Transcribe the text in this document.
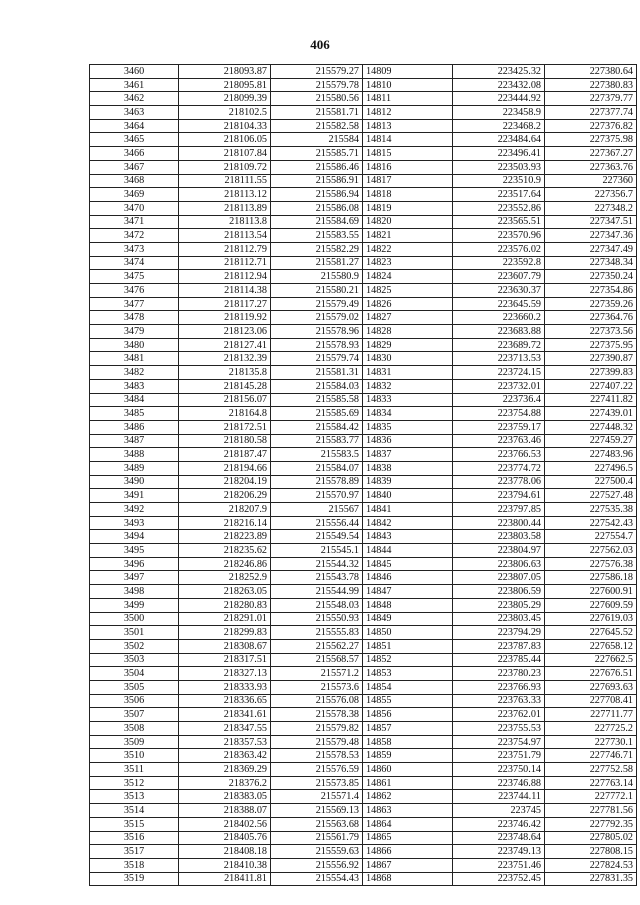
406
3460	218093.87	215579.27	14809	223425.32	227380.64
3461	218095.81	215579.78	14810	223432.08	227380.83
3462	218099.39	215580.56	14811	223444.92	227379.77
3463	218102.5	215581.71	14812	223458.9	227377.74
3464	218104.33	215582.58	14813	223468.2	227376.82
3465	218106.05	215584	14814	223484.64	227375.98
3466	218107.84	215585.71	14815	223496.41	227367.27
3467	218109.72	215586.46	14816	223503.93	227363.76
3468	218111.55	215586.91	14817	223510.9	227360
3469	218113.12	215586.94	14818	223517.64	227356.7
3470	218113.89	215586.08	14819	223552.86	227348.2
3471	218113.8	215584.69	14820	223565.51	227347.51
3472	218113.54	215583.55	14821	223570.96	227347.36
3473	218112.79	215582.29	14822	223576.02	227347.49
3474	218112.71	215581.27	14823	223592.8	227348.34
3475	218112.94	215580.9	14824	223607.79	227350.24
3476	218114.38	215580.21	14825	223630.37	227354.86
3477	218117.27	215579.49	14826	223645.59	227359.26
3478	218119.92	215579.02	14827	223660.2	227364.76
3479	218123.06	215578.96	14828	223683.88	227373.56
3480	218127.41	215578.93	14829	223689.72	227375.95
3481	218132.39	215579.74	14830	223713.53	227390.87
3482	218135.8	215581.31	14831	223724.15	227399.83
3483	218145.28	215584.03	14832	223732.01	227407.22
3484	218156.07	215585.58	14833	223736.4	227411.82
3485	218164.8	215585.69	14834	223754.88	227439.01
3486	218172.51	215584.42	14835	223759.17	227448.32
3487	218180.58	215583.77	14836	223763.46	227459.27
3488	218187.47	215583.5	14837	223766.53	227483.96
3489	218194.66	215584.07	14838	223774.72	227496.5
3490	218204.19	215578.89	14839	223778.06	227500.4
3491	218206.29	215570.97	14840	223794.61	227527.48
3492	218207.9	215567	14841	223797.85	227535.38
3493	218216.14	215556.44	14842	223800.44	227542.43
3494	218223.89	215549.54	14843	223803.58	227554.7
3495	218235.62	215545.1	14844	223804.97	227562.03
3496	218246.86	215544.32	14845	223806.63	227576.38
3497	218252.9	215543.78	14846	223807.05	227586.18
3498	218263.05	215544.99	14847	223806.59	227600.91
3499	218280.83	215548.03	14848	223805.29	227609.59
3500	218291.01	215550.93	14849	223803.45	227619.03
3501	218299.83	215555.83	14850	223794.29	227645.52
3502	218308.67	215562.27	14851	223787.83	227658.12
3503	218317.51	215568.57	14852	223785.44	227662.5
3504	218327.13	215571.2	14853	223780.23	227676.51
3505	218333.93	215573.6	14854	223766.93	227693.63
3506	218336.65	215576.08	14855	223763.33	227708.41
3507	218341.61	215578.38	14856	223762.01	227711.77
3508	218347.55	215579.82	14857	223755.53	227725.2
3509	218357.53	215579.48	14858	223754.97	227730.1
3510	218363.42	215578.53	14859	223751.79	227746.71
3511	218369.29	215576.59	14860	223750.14	227752.58
3512	218376.2	215573.85	14861	223746.88	227763.14
3513	218383.05	215571.4	14862	223744.11	227772.1
3514	218388.07	215569.13	14863	223745	227781.56
3515	218402.56	215563.68	14864	223746.42	227792.35
3516	218405.76	215561.79	14865	223748.64	227805.02
3517	218408.18	215559.63	14866	223749.13	227808.15
3518	218410.38	215556.92	14867	223751.46	227824.53
3519	218411.81	215554.43	14868	223752.45	227831.35
